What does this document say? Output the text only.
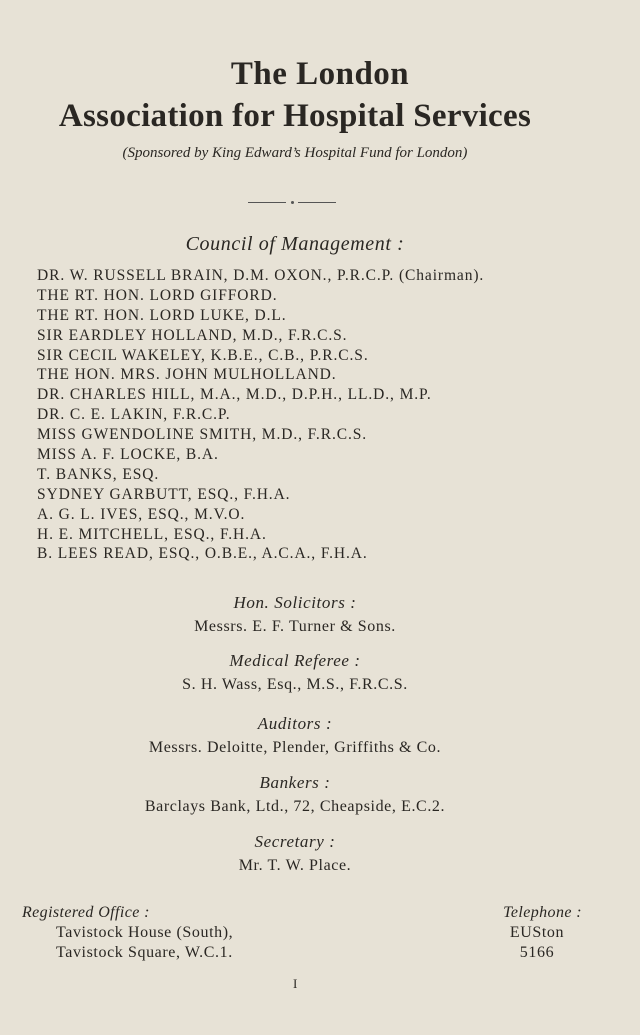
The London
Association for Hospital Services
(Sponsored by King Edward’s Hospital Fund for London)
Council of Management :
DR. W. RUSSELL BRAIN, D.M. OXON., P.R.C.P. (Chairman).
THE RT. HON. LORD GIFFORD.
THE RT. HON. LORD LUKE, D.L.
SIR EARDLEY HOLLAND, M.D., F.R.C.S.
SIR CECIL WAKELEY, K.B.E., C.B., P.R.C.S.
THE HON. MRS. JOHN MULHOLLAND.
DR. CHARLES HILL, M.A., M.D., D.P.H., LL.D., M.P.
DR. C. E. LAKIN, F.R.C.P.
MISS GWENDOLINE SMITH, M.D., F.R.C.S.
MISS A. F. LOCKE, B.A.
T. BANKS, ESQ.
SYDNEY GARBUTT, ESQ., F.H.A.
A. G. L. IVES, ESQ., M.V.O.
H. E. MITCHELL, ESQ., F.H.A.
B. LEES READ, ESQ., O.B.E., A.C.A., F.H.A.
Hon. Solicitors :
Messrs. E. F. Turner & Sons.
Medical Referee :
S. H. Wass, Esq., M.S., F.R.C.S.
Auditors :
Messrs. Deloitte, Plender, Griffiths & Co.
Bankers :
Barclays Bank, Ltd., 72, Cheapside, E.C.2.
Secretary :
Mr. T. W. Place.
Registered Office :
Tavistock House (South),
Tavistock Square, W.C.1.
Telephone :
EUSton
5166
I
